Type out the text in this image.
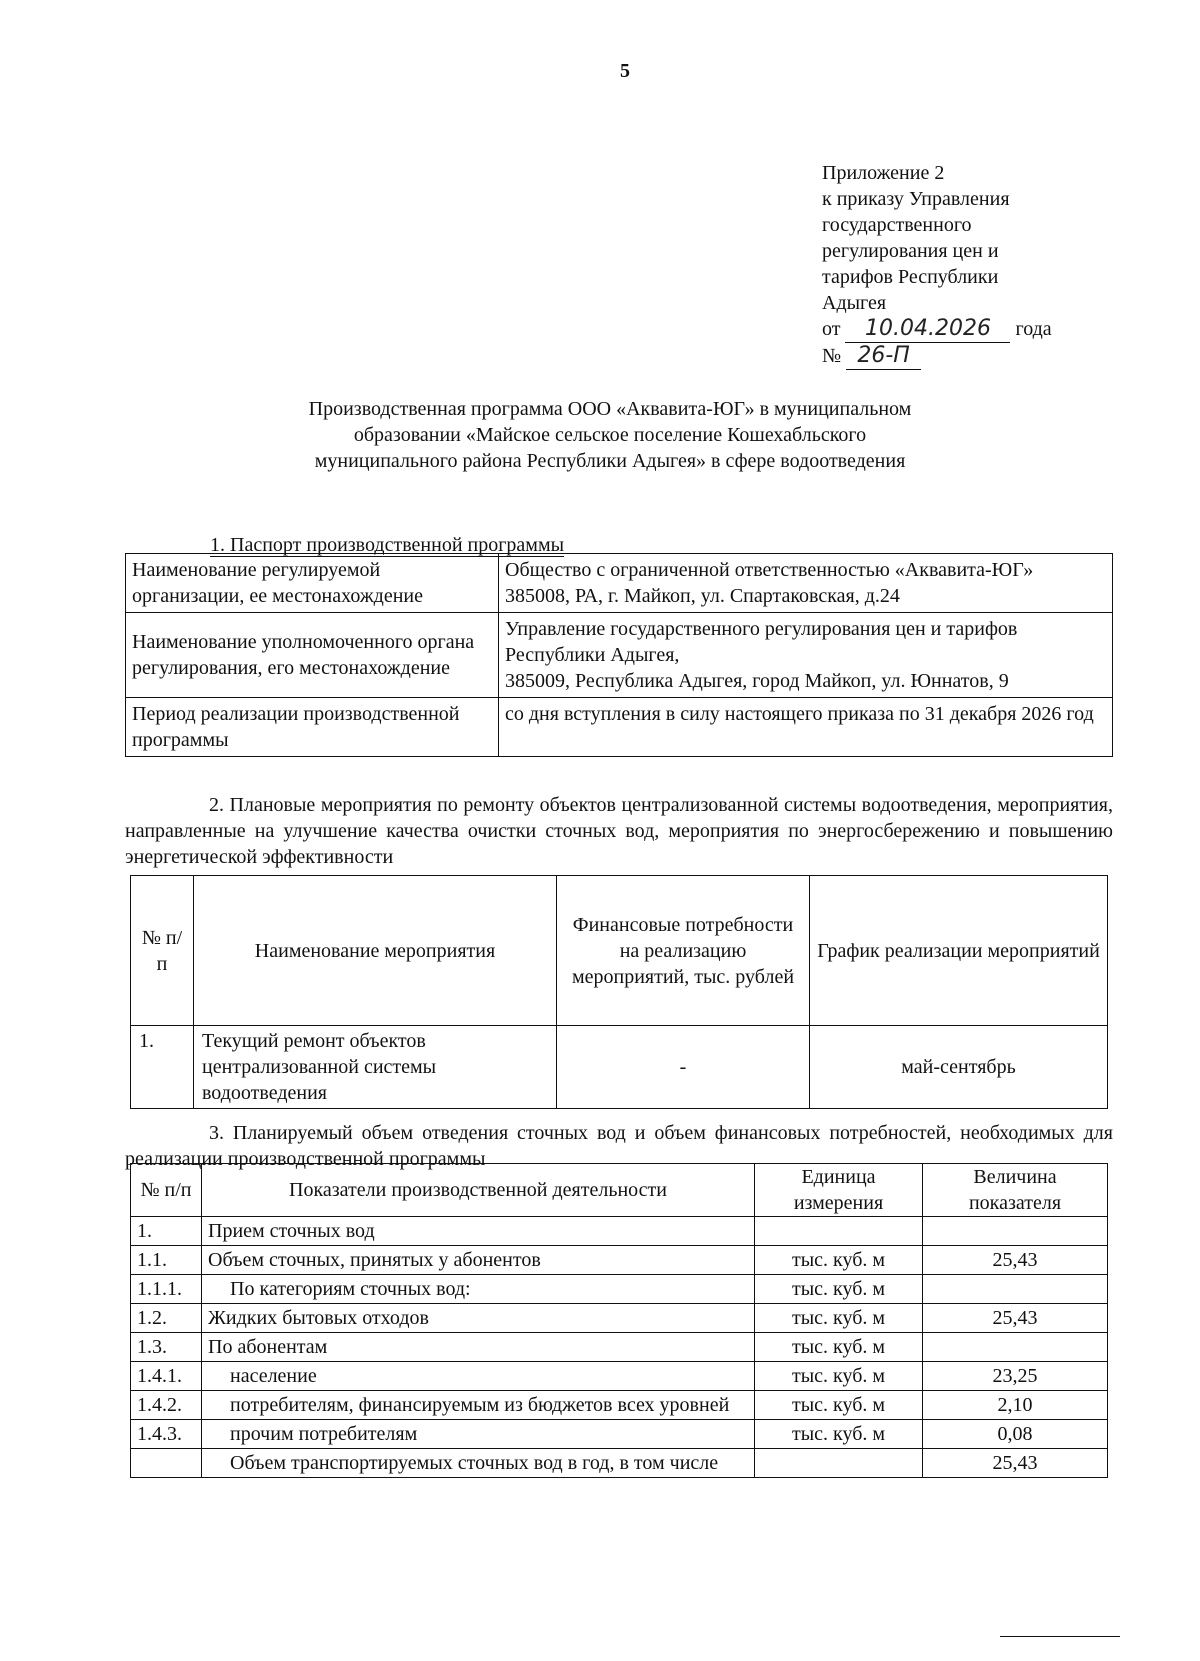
5
Приложение 2
к приказу Управления
государственного
регулирования цен и
тарифов Республики
Адыгея
от 10.04.2026 года
№ 26-П
Производственная программа ООО «Аквавита-ЮГ» в муниципальном образовании «Майское сельское поселение Кошехабльского муниципального района Республики Адыгея» в сфере водоотведения
1. Паспорт производственной программы
Наименование регулируемой организации, ее местонахождение	Общество с ограниченной ответственностью «Аквавита-ЮГ»
385008, РА, г. Майкоп, ул. Спартаковская, д.24

Наименование уполномоченного органа регулирования, его местонахождение	Управление государственного регулирования цен и тарифов Республики Адыгея,
385009, Республика Адыгея, город Майкоп, ул. Юннатов, 9

Период реализации производственной программы	со дня вступления в силу настоящего приказа по 31 декабря 2026 год
2. Плановые мероприятия по ремонту объектов централизованной системы водоотведения, мероприятия, направленные на улучшение качества очистки сточных вод, мероприятия по энергосбережению и повышению энергетической эффективности
№ п/п	Наименование мероприятия	Финансовые потребности на реализацию мероприятий, тыс. рублей	График реализации мероприятий
1.	Текущий ремонт объектов централизованной системы водоотведения	-	май-сентябрь
3. Планируемый объем отведения сточных вод и объем финансовых потребностей, необходимых для реализации производственной программы
№ п/п	Показатели производственной деятельности	Единица измерения	Величина показателя
1.	Прием сточных вод		
1.1.	Объем сточных, принятых у абонентов	тыс. куб. м	25,43
1.1.1.	По категориям сточных вод:	тыс. куб. м	
1.2.	Жидких бытовых отходов	тыс. куб. м	25,43
1.3.	По абонентам	тыс. куб. м	
1.4.1.	население	тыс. куб. м	23,25
1.4.2.	потребителям, финансируемым из бюджетов всех уровней	тыс. куб. м	2,10
1.4.3.	прочим потребителям	тыс. куб. м	0,08
	Объем транспортируемых сточных вод в год, в том числе		25,43
